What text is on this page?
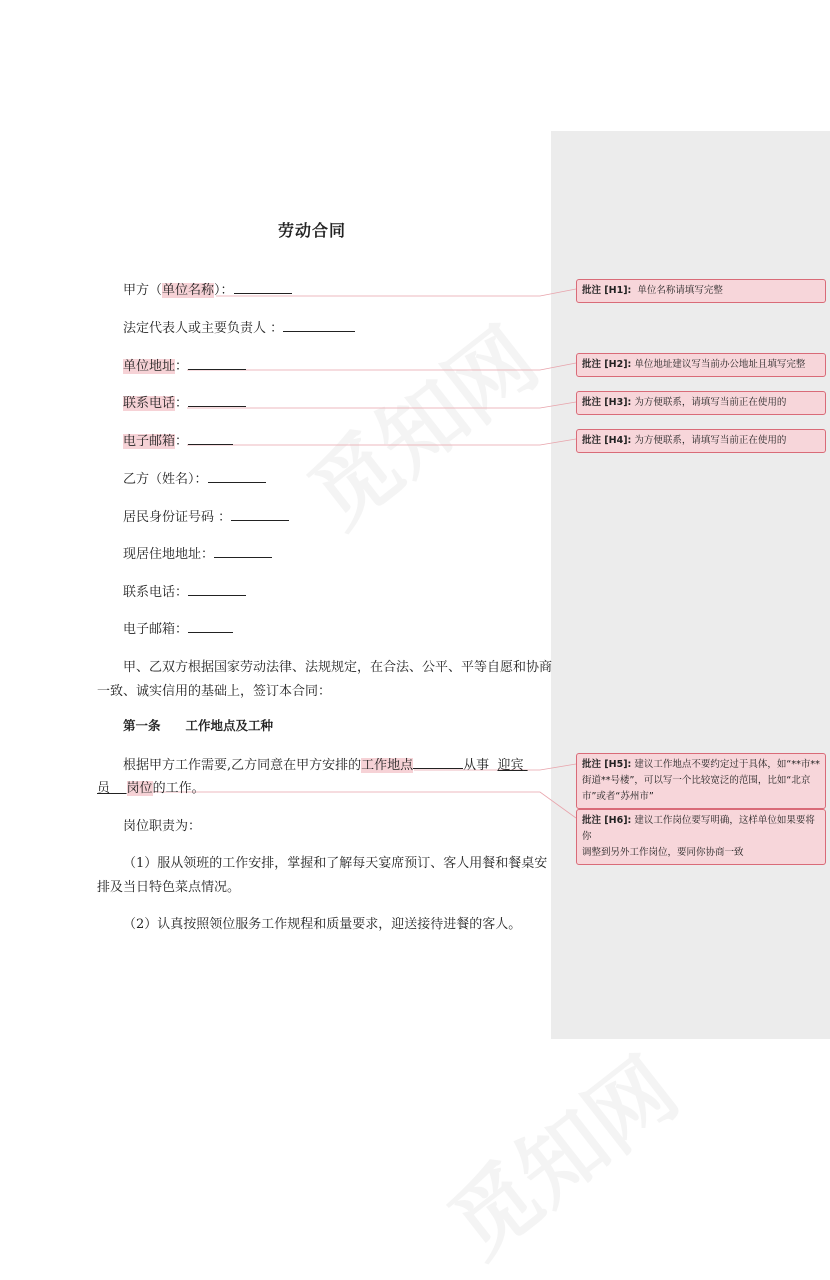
劳动合同
甲方（单位名称）：
法定代表人或主要负责人 ：
单位地址：
联系电话：
电子邮箱：
乙方（姓名）：
居民身份证号码 ：
现居住地地址：
联系电话：
电子邮箱：
甲、乙双方根据国家劳动法律、法规规定，在合法、公平、平等自愿和协商
一致、诚实信用的基础上，签订本合同：
第一条　　工作地点及工种
根据甲方工作需要,乙方同意在甲方安排的工作地点	从事 迎宾
员 岗位的工作。
岗位职责为：
（1）服从领班的工作安排，掌握和了解每天宴席预订、客人用餐和餐桌安
排及当日特色菜点情况。
（2）认真按照领位服务工作规程和质量要求，迎送接待进餐的客人。
批注 [H1]: 单位名称请填写完整
批注 [H2]: 单位地址建议写当前办公地址且填写完整
批注 [H3]: 为方便联系，请填写当前正在使用的
批注 [H4]: 为方便联系，请填写当前正在使用的
批注 [H5]: 建议工作地点不要约定过于具体，如“**市**
街道**号楼”，可以写一个比较宽泛的范围，比如“北京
市”或者“苏州市”
批注 [H6]: 建议工作岗位要写明确，这样单位如果要将你
调整到另外工作岗位，要同你协商一致
